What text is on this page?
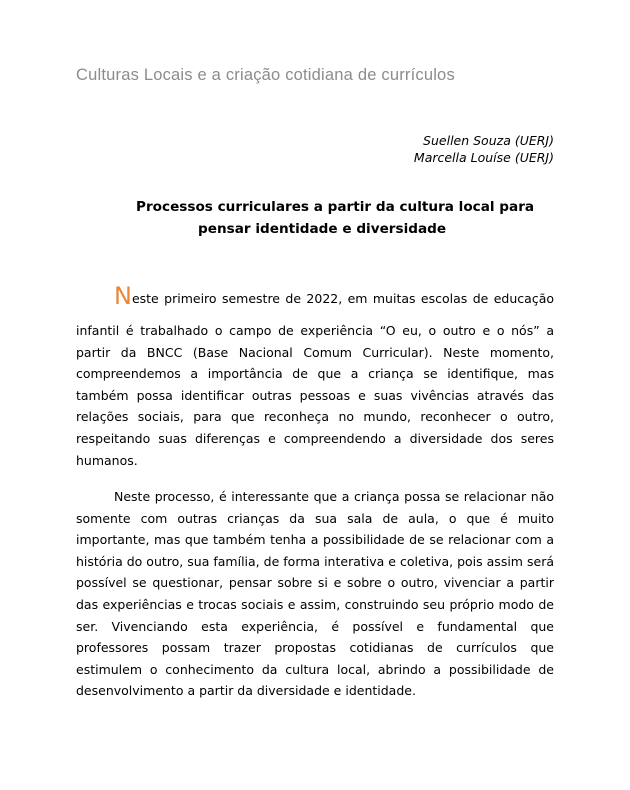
Culturas Locais e a criação cotidiana de currículos
Suellen Souza (UERJ)
Marcella Louíse (UERJ)
Processos curriculares a partir da cultura local para
pensar identidade e diversidade
Neste primeiro semestre de 2022, em muitas escolas de educação
infantil é trabalhado o campo de experiência “O eu, o outro e o nós” a partir da BNCC (Base Nacional Comum Curricular). Neste momento, compreendemos a importância de que a criança se identifique, mas também possa identificar outras pessoas e suas vivências através das relações sociais, para que reconheça no mundo, reconhecer o outro, respeitando suas diferenças e compreendendo a diversidade dos seres humanos.
Neste processo, é interessante que a criança possa se relacionar não somente com outras crianças da sua sala de aula, o que é muito importante, mas que também tenha a possibilidade de se relacionar com a história do outro, sua família, de forma interativa e coletiva, pois assim será possível se questionar, pensar sobre si e sobre o outro, vivenciar a partir das experiências e trocas sociais e assim, construindo seu próprio modo de ser. Vivenciando esta experiência, é possível e fundamental que professores possam trazer propostas cotidianas de currículos que estimulem o conhecimento da cultura local, abrindo a possibilidade de desenvolvimento a partir da diversidade e identidade.
